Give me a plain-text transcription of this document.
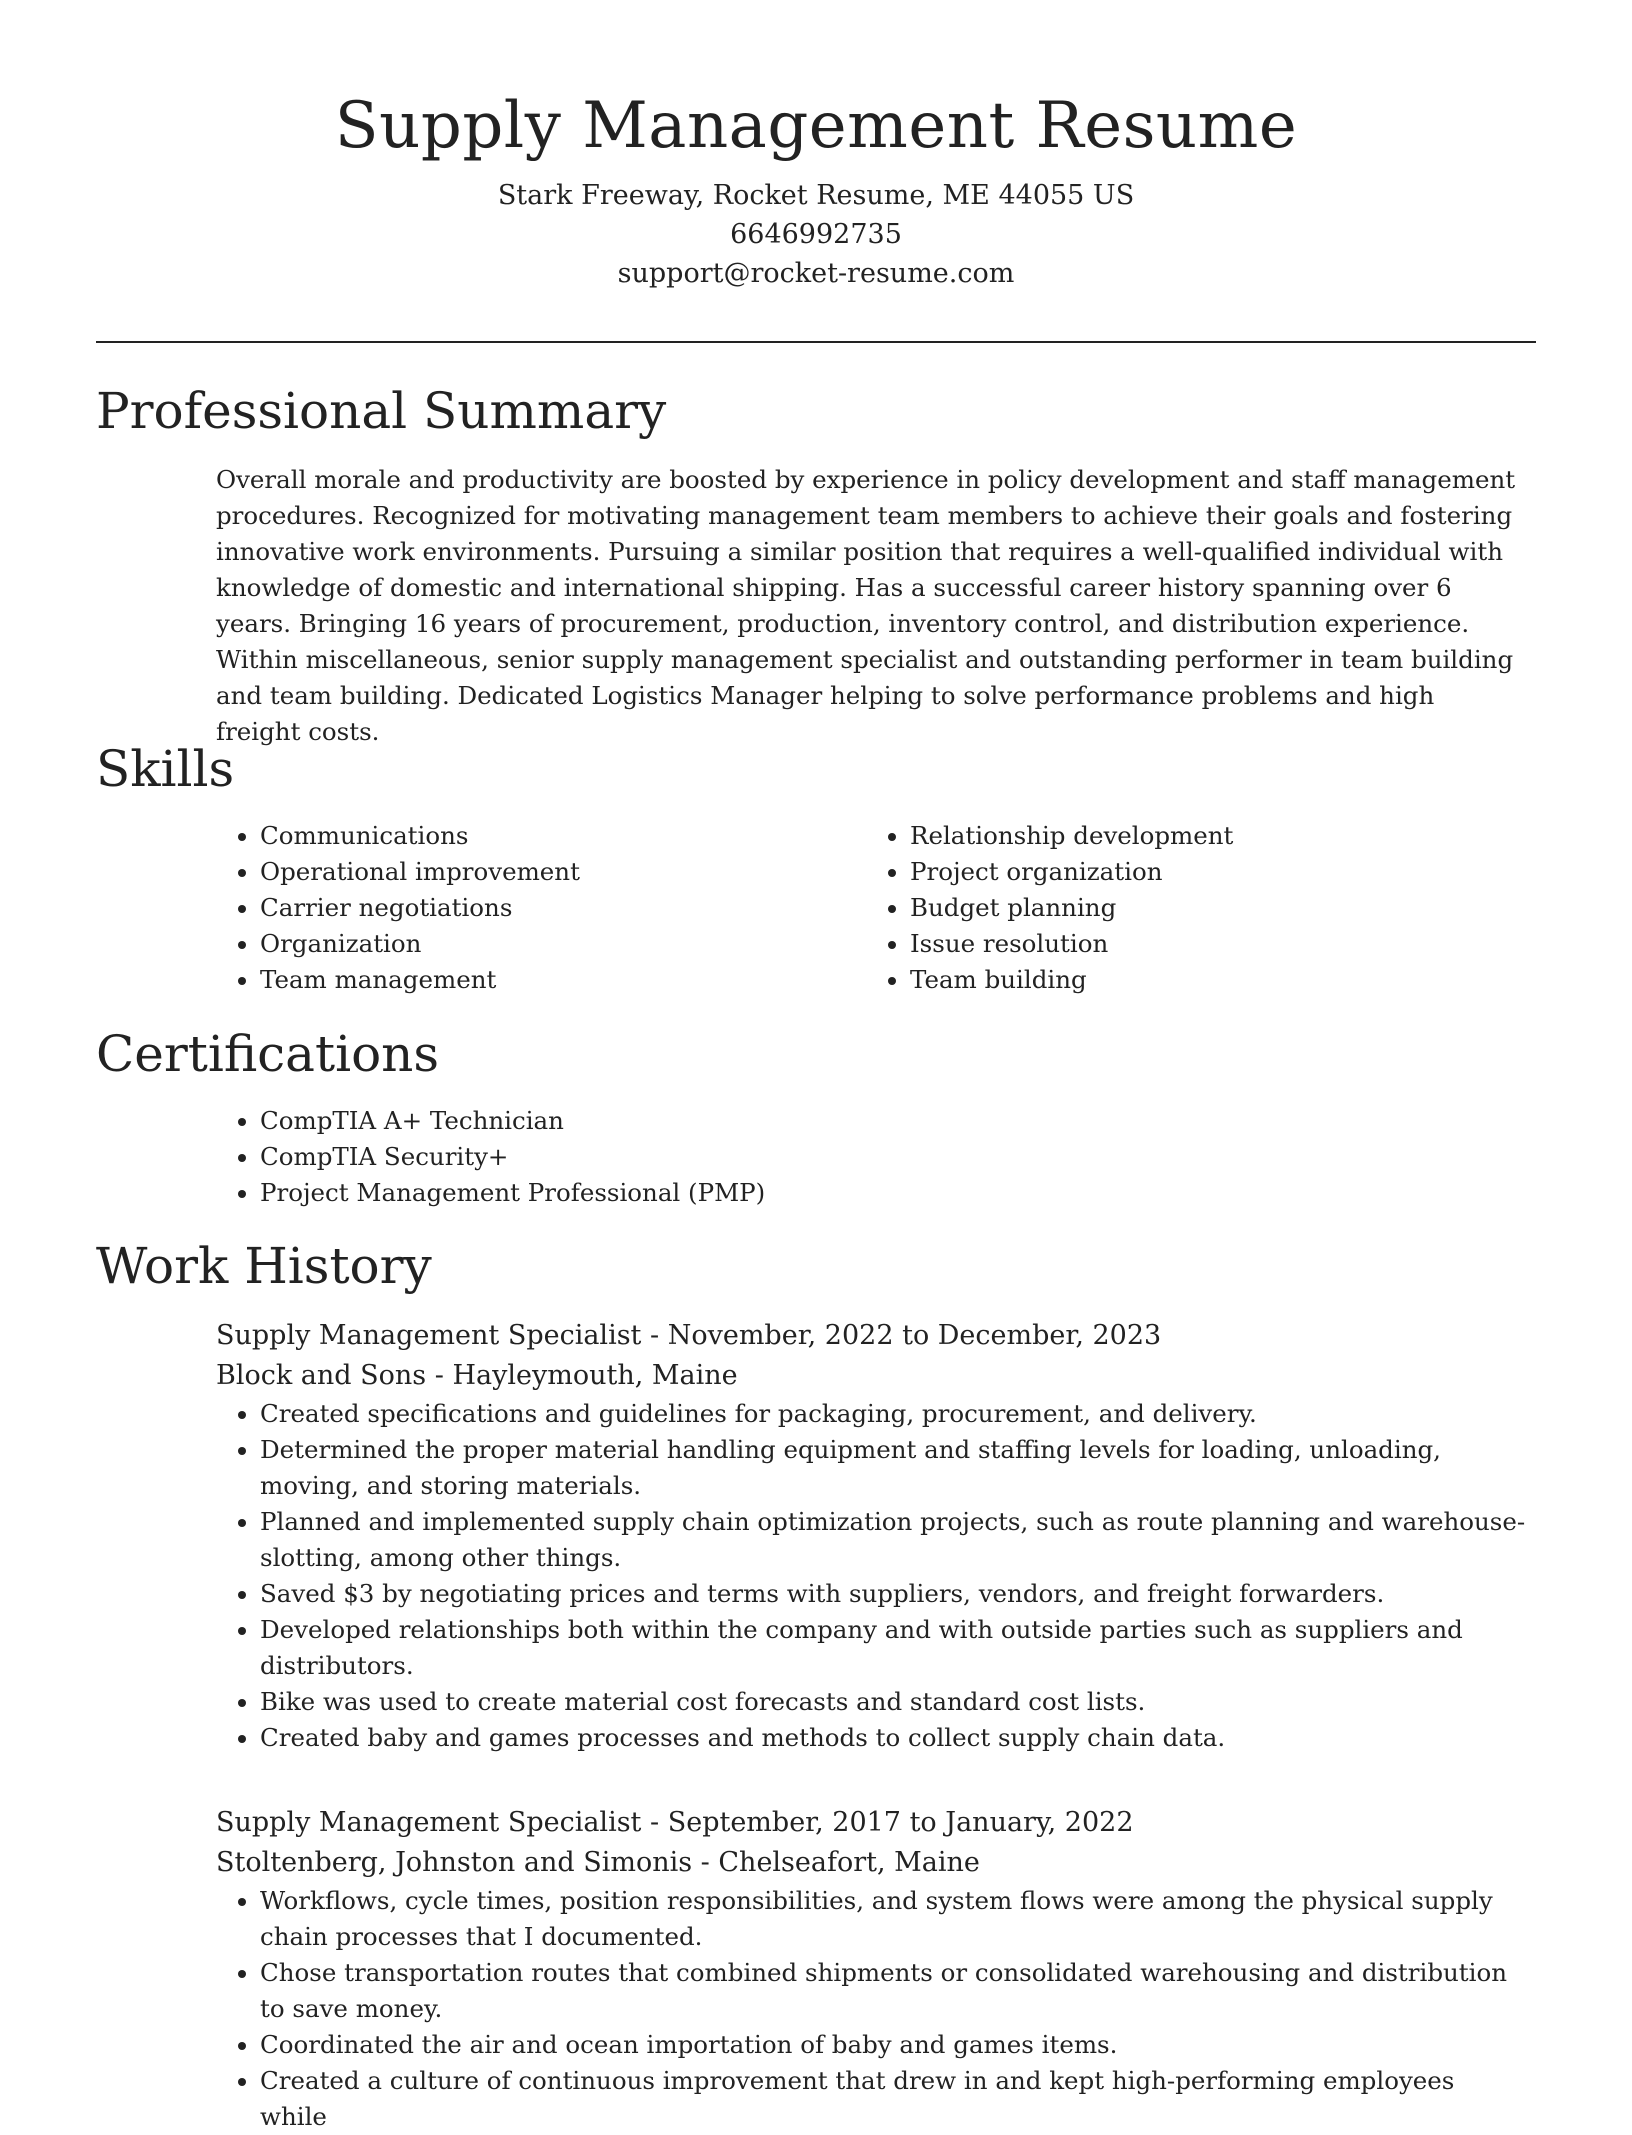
Supply Management Resume
Stark Freeway, Rocket Resume, ME 44055 US
6646992735
support@rocket-resume.com
Professional Summary

Overall morale and productivity are boosted by experience in policy development and staff management procedures. Recognized for motivating management team members to achieve their goals and fostering innovative work environments. Pursuing a similar position that requires a well-qualified individual with knowledge of domestic and international shipping. Has a successful career history spanning over 6 years. Bringing 16 years of procurement, production, inventory control, and distribution experience. Within miscellaneous, senior supply management specialist and outstanding performer in team building and team building. Dedicated Logistics Manager helping to solve performance problems and high freight costs.

Skills
• Communications
• Operational improvement
• Carrier negotiations
• Organization
• Team management
• Relationship development
• Project organization
• Budget planning
• Issue resolution
• Team building
Certifications
• CompTIA A+ Technician
• CompTIA Security+
• Project Management Professional (PMP)
Work History
Supply Management Specialist - November, 2022 to December, 2023
Block and Sons - Hayleymouth, Maine
• Created specifications and guidelines for packaging, procurement, and delivery.
• Determined the proper material handling equipment and staffing levels for loading, unloading, moving, and storing materials.
• Planned and implemented supply chain optimization projects, such as route planning and warehouse-slotting, among other things.
• Saved $3 by negotiating prices and terms with suppliers, vendors, and freight forwarders.
• Developed relationships both within the company and with outside parties such as suppliers and distributors.
• Bike was used to create material cost forecasts and standard cost lists.
• Created baby and games processes and methods to collect supply chain data.
Supply Management Specialist - September, 2017 to January, 2022
Stoltenberg, Johnston and Simonis - Chelseafort, Maine
• Workflows, cycle times, position responsibilities, and system flows were among the physical supply chain processes that I documented.
• Chose transportation routes that combined shipments or consolidated warehousing and distribution to save money.
• Coordinated the air and ocean importation of baby and games items.
• Created a culture of continuous improvement that drew in and kept high-performing employees while
